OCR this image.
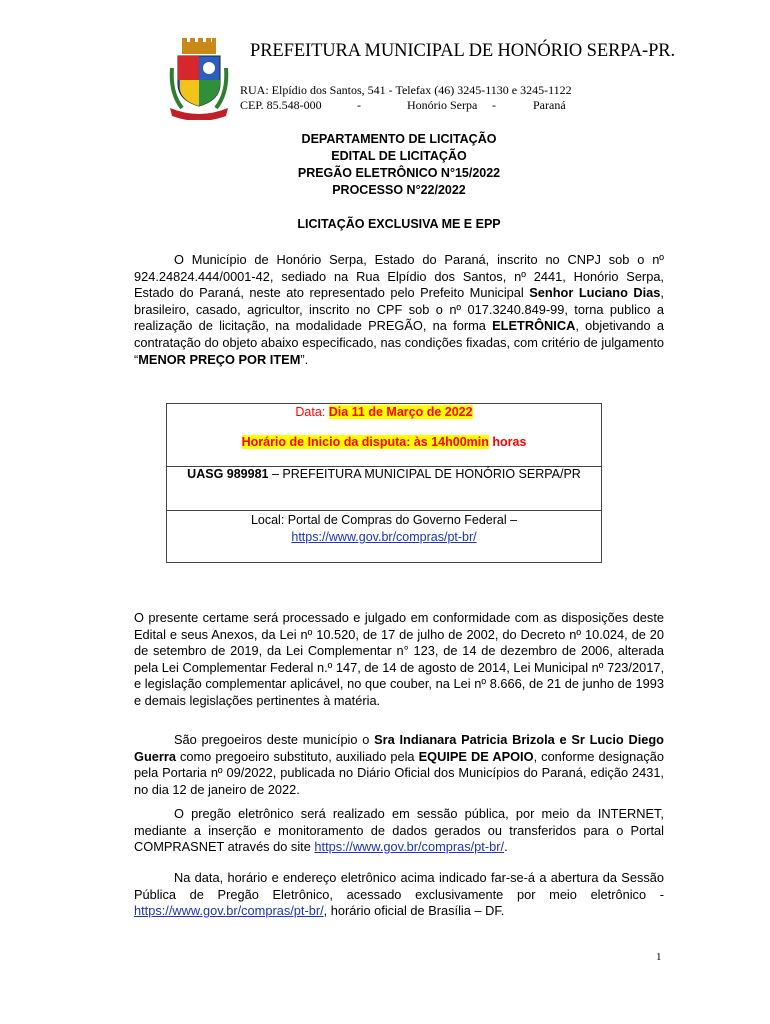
PREFEITURA MUNICIPAL DE HONÓRIO SERPA-PR.
RUA: Elpídio dos Santos, 541 - Telefax (46) 3245-1130 e 3245-1122
CEP. 85.548-000	-	Honório Serpa -	Paraná
DEPARTAMENTO DE LICITAÇÃO
EDITAL DE LICITAÇÃO
PREGÃO ELETRÔNICO N°15/2022
PROCESSO N°22/2022
LICITAÇÃO EXCLUSIVA ME E EPP

O Município de Honório Serpa, Estado do Paraná, inscrito no CNPJ sob o nº 924.24824.444/0001-42, sediado na Rua Elpídio dos Santos, nº 2441, Honório Serpa, Estado do Paraná, neste ato representado pelo Prefeito Municipal Senhor Luciano Dias, brasileiro, casado, agricultor, inscrito no CPF sob o nº 017.3240.849-99, torna publico a realização de licitação, na modalidade PREGÃO, na forma ELETRÔNICA, objetivando a contratação do objeto abaixo especificado, nas condições fixadas, com critério de julgamento “MENOR PREÇO POR ITEM”.

Data: Dia 11 de Março de 2022
Horário de Inicio da disputa: às 14h00min horas
UASG 989981 – PREFEITURA MUNICIPAL DE HONÓRIO SERPA/PR
Local: Portal de Compras do Governo Federal –
https://www.gov.br/compras/pt-br/

O presente certame será processado e julgado em conformidade com as disposições deste Edital e seus Anexos, da Lei nº 10.520, de 17 de julho de 2002, do Decreto nº 10.024, de 20 de setembro de 2019, da Lei Complementar n° 123, de 14 de dezembro de 2006, alterada pela Lei Complementar Federal n.º 147, de 14 de agosto de 2014, Lei Municipal nº 723/2017, e legislação complementar aplicável, no que couber, na Lei nº 8.666, de 21 de junho de 1993 e demais legislações pertinentes à matéria.

São pregoeiros deste município o Sra Indianara Patricia Brizola e Sr Lucio Diego Guerra como pregoeiro substituto, auxiliado pela EQUIPE DE APOIO, conforme designação pela Portaria nº 09/2022, publicada no Diário Oficial dos Municípios do Paraná, edição 2431, no dia 12 de janeiro de 2022.

O pregão eletrônico será realizado em sessão pública, por meio da INTERNET, mediante a inserção e monitoramento de dados gerados ou transferidos para o Portal COMPRASNET através do site https://www.gov.br/compras/pt-br/.

Na data, horário e endereço eletrônico acima indicado far-se-á a abertura da Sessão Pública de Pregão Eletrônico, acessado exclusivamente por meio eletrônico - https://www.gov.br/compras/pt-br/, horário oficial de Brasília – DF.

1
